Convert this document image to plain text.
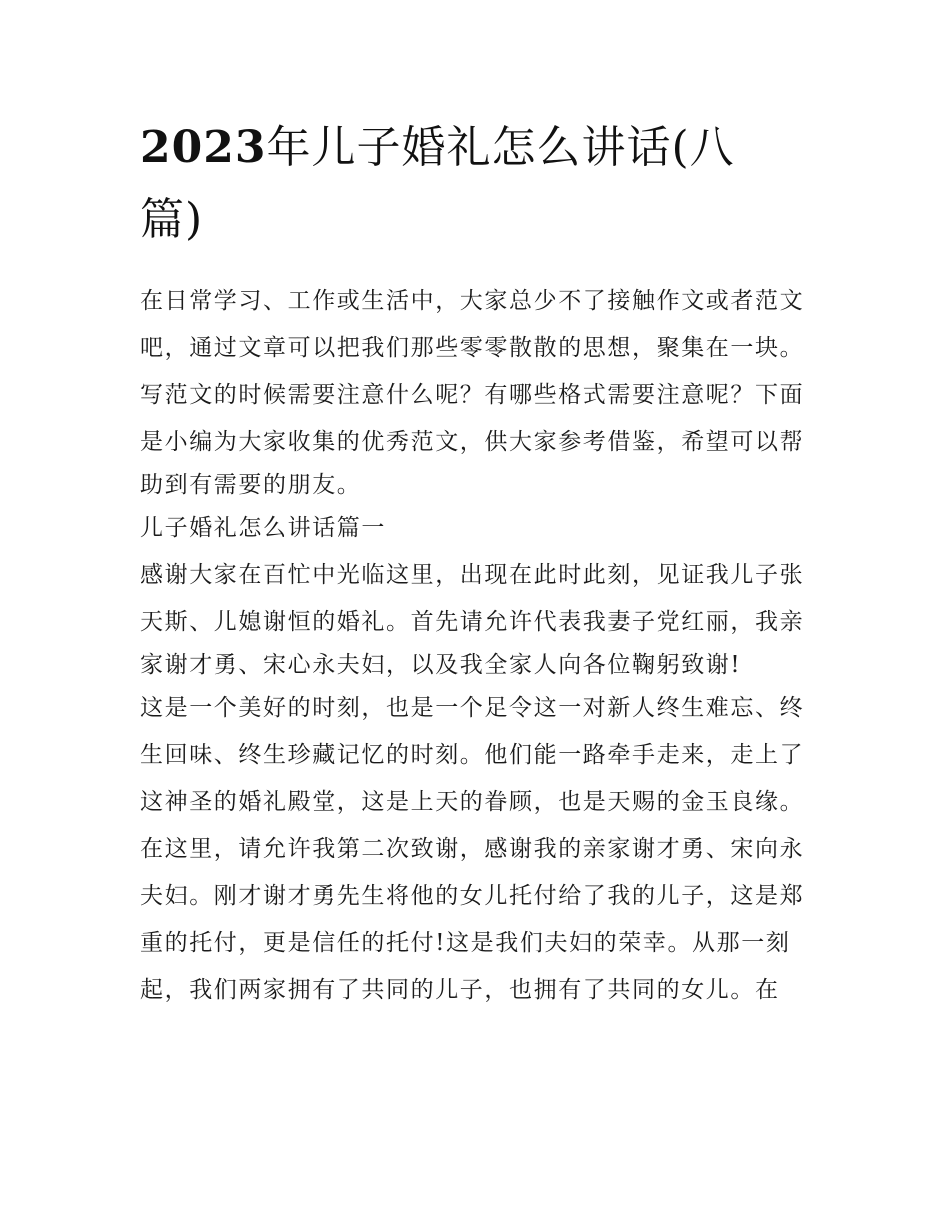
2023年儿子婚礼怎么讲话(八
篇)
在日常学习、工作或生活中，大家总少不了接触作文或者范文
吧，通过文章可以把我们那些零零散散的思想，聚集在一块。
写范文的时候需要注意什么呢？有哪些格式需要注意呢？下面
是小编为大家收集的优秀范文，供大家参考借鉴，希望可以帮
助到有需要的朋友。
儿子婚礼怎么讲话篇一
感谢大家在百忙中光临这里，出现在此时此刻，见证我儿子张
天斯、儿媳谢恒的婚礼。首先请允许代表我妻子党红丽，我亲
家谢才勇、宋心永夫妇，以及我全家人向各位鞠躬致谢!
这是一个美好的时刻，也是一个足令这一对新人终生难忘、终
生回味、终生珍藏记忆的时刻。他们能一路牵手走来，走上了
这神圣的婚礼殿堂，这是上天的眷顾，也是天赐的金玉良缘。
在这里，请允许我第二次致谢，感谢我的亲家谢才勇、宋向永
夫妇。刚才谢才勇先生将他的女儿托付给了我的儿子，这是郑
重的托付，更是信任的托付!这是我们夫妇的荣幸。从那一刻
起，我们两家拥有了共同的儿子，也拥有了共同的女儿。在
